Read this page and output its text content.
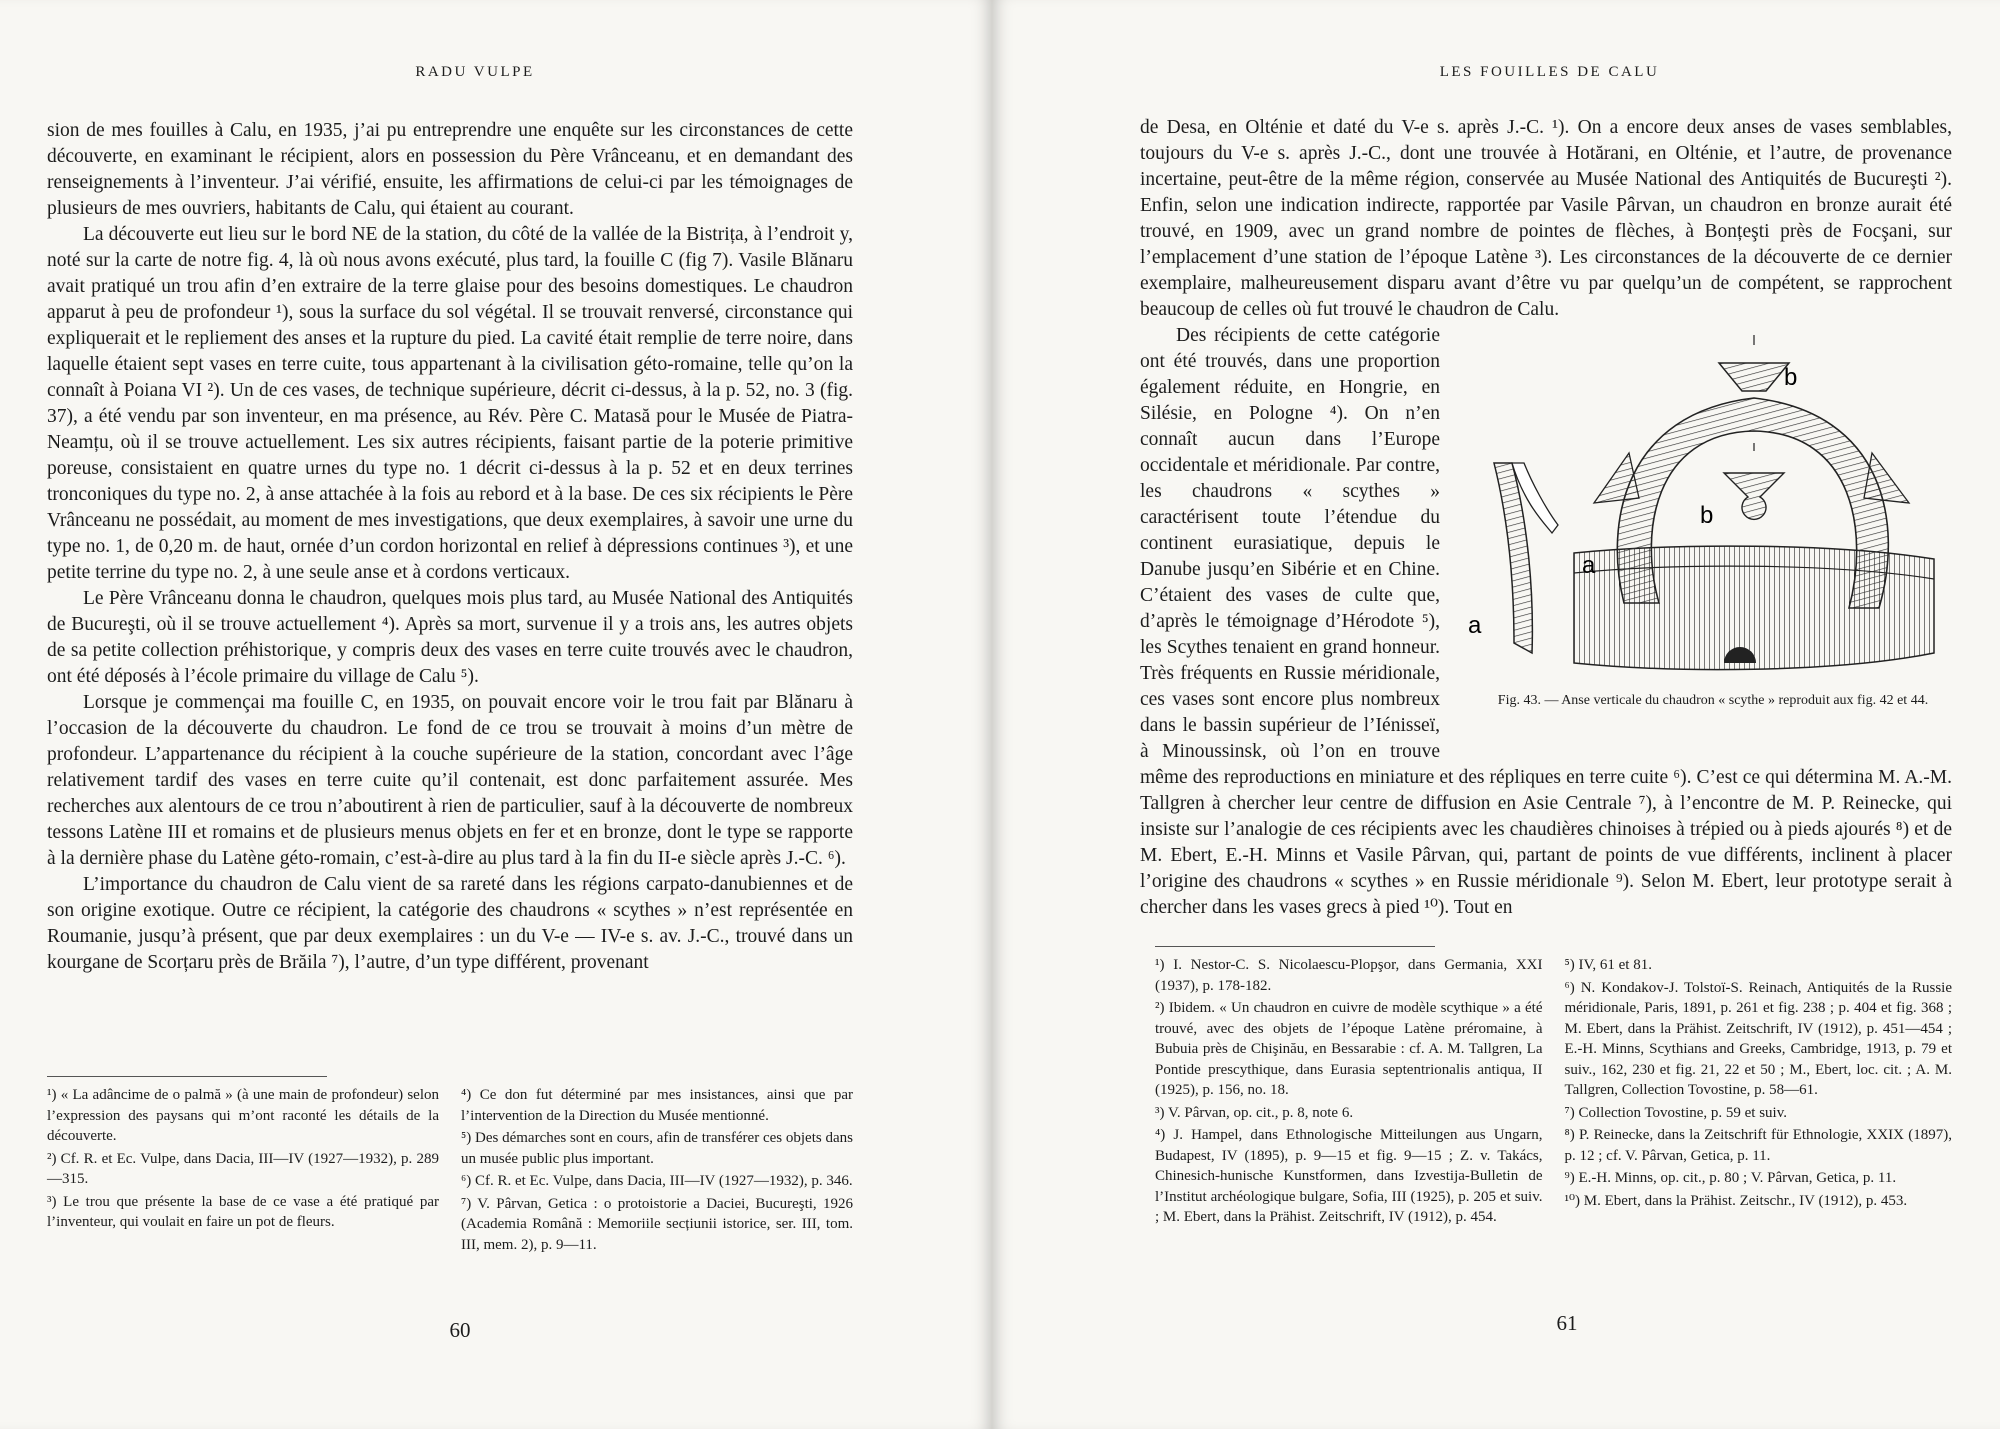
RADU VULPE

sion de mes fouilles à Calu, en 1935, j’ai pu entreprendre une enquête sur les circonstances de cette découverte, en examinant le récipient, alors en possession du Père Vrânceanu, et en demandant des renseignements à l’inventeur. J’ai vérifié, ensuite, les affirmations de celui-ci par les témoignages de plusieurs de mes ouvriers, habitants de Calu, qui étaient au courant.

La découverte eut lieu sur le bord NE de la station, du côté de la vallée de la Bistrița, à l’endroit y, noté sur la carte de notre fig. 4, là où nous avons exécuté, plus tard, la fouille C (fig 7). Vasile Blănaru avait pratiqué un trou afin d’en extraire de la terre glaise pour des besoins domestiques. Le chaudron apparut à peu de profondeur ¹), sous la surface du sol végétal. Il se trouvait renversé, circonstance qui expliquerait et le repliement des anses et la rupture du pied. La cavité était remplie de terre noire, dans laquelle étaient sept vases en terre cuite, tous appartenant à la civilisation géto-romaine, telle qu’on la connaît à Poiana VI ²). Un de ces vases, de technique supérieure, décrit ci-dessus, à la p. 52, no. 3 (fig. 37), a été vendu par son inventeur, en ma présence, au Rév. Père C. Matasă pour le Musée de Piatra-Neamțu, où il se trouve actuellement. Les six autres récipients, faisant partie de la poterie primitive poreuse, consistaient en quatre urnes du type no. 1 décrit ci-dessus à la p. 52 et en deux terrines tronconiques du type no. 2, à anse attachée à la fois au rebord et à la base. De ces six récipients le Père Vrânceanu ne possédait, au moment de mes investigations, que deux exemplaires, à savoir une urne du type no. 1, de 0,20 m. de haut, ornée d’un cordon horizontal en relief à dépressions continues ³), et une petite terrine du type no. 2, à une seule anse et à cordons verticaux.

Le Père Vrânceanu donna le chaudron, quelques mois plus tard, au Musée National des Antiquités de Bucureşti, où il se trouve actuellement ⁴). Après sa mort, survenue il y a trois ans, les autres objets de sa petite collection préhistorique, y compris deux des vases en terre cuite trouvés avec le chaudron, ont été déposés à l’école primaire du village de Calu ⁵).

Lorsque je commençai ma fouille C, en 1935, on pouvait encore voir le trou fait par Blănaru à l’occasion de la découverte du chaudron. Le fond de ce trou se trouvait à moins d’un mètre de profondeur. L’appartenance du récipient à la couche supérieure de la station, concordant avec l’âge relativement tardif des vases en terre cuite qu’il contenait, est donc parfaitement assurée. Mes recherches aux alentours de ce trou n’aboutirent à rien de particulier, sauf à la découverte de nombreux tessons Latène III et romains et de plusieurs menus objets en fer et en bronze, dont le type se rapporte à la dernière phase du Latène géto-romain, c’est-à-dire au plus tard à la fin du II-e siècle après J.-C. ⁶).

L’importance du chaudron de Calu vient de sa rareté dans les régions carpato-danubiennes et de son origine exotique. Outre ce récipient, la catégorie des chaudrons « scythes » n’est représentée en Roumanie, jusqu’à présent, que par deux exemplaires : un du V-e — IV-e s. av. J.-C., trouvé dans un kourgane de Scorțaru près de Brăila ⁷), l’autre, d’un type différent, provenant

¹) « La adâncime de o palmă » (à une main de profondeur) selon l’expression des paysans qui m’ont raconté les détails de la découverte.

²) Cf. R. et Ec. Vulpe, dans Dacia, III—IV (1927—1932), p. 289—315.

³) Le trou que présente la base de ce vase a été pratiqué par l’inventeur, qui voulait en faire un pot de fleurs.

⁴) Ce don fut déterminé par mes insistances, ainsi que par l’intervention de la Direction du Musée mentionné.

⁵) Des démarches sont en cours, afin de transférer ces objets dans un musée public plus important.

⁶) Cf. R. et Ec. Vulpe, dans Dacia, III—IV (1927—1932), p. 346.

⁷) V. Pârvan, Getica : o protoistorie a Daciei, Bucureşti, 1926 (Academia Română : Memoriile secțiunii istorice, ser. III, tom. III, mem. 2), p. 9—11.

60
LES FOUILLES DE CALU

de Desa, en Olténie et daté du V-e s. après J.-C. ¹). On a encore deux anses de vases semblables, toujours du V-e s. après J.-C., dont une trouvée à Hotărani, en Olténie, et l’autre, de provenance incertaine, peut-être de la même région, conservée au Musée National des Antiquités de Bucureşti ²). Enfin, selon une indication indirecte, rapportée par Vasile Pârvan, un chaudron en bronze aurait été trouvé, en 1909, avec un grand nombre de pointes de flèches, à Bonțeşti près de Focşani, sur l’emplacement d’une station de l’époque Latène ³). Les circonstances de la découverte de ce dernier exemplaire, malheureusement disparu avant d’être vu par quelqu’un de compétent, se rapprochent beaucoup de celles où fut trouvé le chaudron de Calu.

b
b
a
a
Fig. 43. — Anse verticale du chaudron « scythe » reproduit aux fig. 42 et 44.

Des récipients de cette catégorie ont été trouvés, dans une proportion également réduite, en Hongrie, en Silésie, en Pologne ⁴). On n’en connaît aucun dans l’Europe occidentale et méridionale. Par contre, les chaudrons « scythes » caractérisent toute l’étendue du continent eurasiatique, depuis le Danube jusqu’en Sibérie et en Chine. C’étaient des vases de culte que, d’après le témoignage d’Hérodote ⁵), les Scythes tenaient en grand honneur. Très fréquents en Russie méridionale, ces vases sont encore plus nombreux dans le bassin supérieur de l’Iénisseï, à Minoussinsk, où l’on en trouve même des reproductions en miniature et des répliques en terre cuite ⁶). C’est ce qui détermina M. A.-M. Tallgren à chercher leur centre de diffusion en Asie Centrale ⁷), à l’encontre de M. P. Reinecke, qui insiste sur l’analogie de ces récipients avec les chaudières chinoises à trépied ou à pieds ajourés ⁸) et de M. Ebert, E.-H. Minns et Vasile Pârvan, qui, partant de points de vue différents, inclinent à placer l’origine des chaudrons « scythes » en Russie méridionale ⁹). Selon M. Ebert, leur prototype serait à chercher dans les vases grecs à pied ¹⁰). Tout en

¹) I. Nestor-C. S. Nicolaescu-Plopşor, dans Germania, XXI (1937), p. 178-182.

²) Ibidem. « Un chaudron en cuivre de modèle scythique » a été trouvé, avec des objets de l’époque Latène préromaine, à Bubuia près de Chişinău, en Bessarabie : cf. A. M. Tallgren, La Pontide prescythique, dans Eurasia septentrionalis antiqua, II (1925), p. 156, no. 18.

³) V. Pârvan, op. cit., p. 8, note 6.

⁴) J. Hampel, dans Ethnologische Mitteilungen aus Ungarn, Budapest, IV (1895), p. 9—15 et fig. 9—15 ; Z. v. Takács, Chinesich-hunische Kunstformen, dans Izvestija-Bulletin de l’Institut archéologique bulgare, Sofia, III (1925), p. 205 et suiv. ; M. Ebert, dans la Prähist. Zeitschrift, IV (1912), p. 454.

⁵) IV, 61 et 81.

⁶) N. Kondakov-J. Tolstoï-S. Reinach, Antiquités de la Russie méridionale, Paris, 1891, p. 261 et fig. 238 ; p. 404 et fig. 368 ; M. Ebert, dans la Prähist. Zeitschrift, IV (1912), p. 451—454 ; E.-H. Minns, Scythians and Greeks, Cambridge, 1913, p. 79 et suiv., 162, 230 et fig. 21, 22 et 50 ; M., Ebert, loc. cit. ; A. M. Tallgren, Collection Tovostine, p. 58—61.

⁷) Collection Tovostine, p. 59 et suiv.

⁸) P. Reinecke, dans la Zeitschrift für Ethnologie, XXIX (1897), p. 12 ; cf. V. Pârvan, Getica, p. 11.

⁹) E.-H. Minns, op. cit., p. 80 ; V. Pârvan, Getica, p. 11.

¹⁰) M. Ebert, dans la Prähist. Zeitschr., IV (1912), p. 453.

61
